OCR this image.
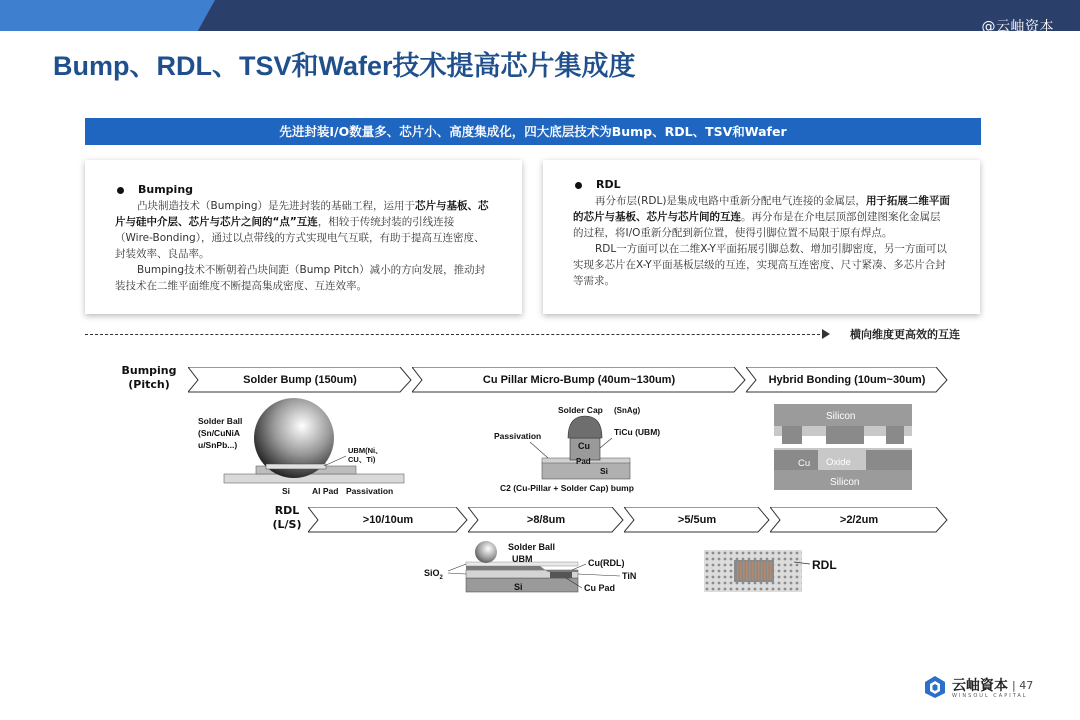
@云岫资本
Bump、RDL、TSV和Wafer技术提高芯片集成度
先进封装I/O数量多、芯片小、高度集成化，四大底层技术为Bump、RDL、TSV和Wafer
Bumping

凸块制造技术（Bumping）是先进封装的基础工程，运用于芯片与基板、芯片与硅中介层、芯片与芯片之间的“点”互连，相较于传统封装的引线连接（Wire-Bonding），通过以点带线的方式实现电气互联，有助于提高互连密度、封装效率、良品率。

Bumping技术不断朝着凸块间距（Bump Pitch）减小的方向发展，推动封装技术在二维平面维度不断提高集成密度、互连效率。

RDL

再分布层(RDL)是集成电路中重新分配电气连接的金属层，用于拓展二维平面的芯片与基板、芯片与芯片间的互连。再分布是在介电层顶部创建图案化金属层的过程，将I/O重新分配到新位置，使得引脚位置不局限于原有焊点。

RDL一方面可以在二维X-Y平面拓展引脚总数、增加引脚密度，另一方面可以实现多芯片在X-Y平面基板层级的互连，实现高互连密度、尺寸紧凑、多芯片合封等需求。

横向维度更高效的互连
Bumping
(Pitch)	Solder Bump (150um)	Cu Pillar Micro-Bump (40um~130um)	Hybrid Bonding (10um~30um)
Solder Ball
(Sn/CuNiA
u/SnPb...)
UBM(Ni、
CU、Ti)
Si	Al Pad Passivation
Solder Cap (SnAg)
Passivation	TiCu (UBM)
Cu
Pad
Si
C2 (Cu-Pillar + Solder Cap) bump
Silicon
Cu Oxide
Silicon
RDL
(L/S)	>10/10um	>8/8um	>5/5um	>2/2um
Solder Ball
UBM	Cu(RDL)
TiN
SiO$_2$
Si	Cu Pad
RDL
云岫資本
WINSOUL CAPITAL
| 47
